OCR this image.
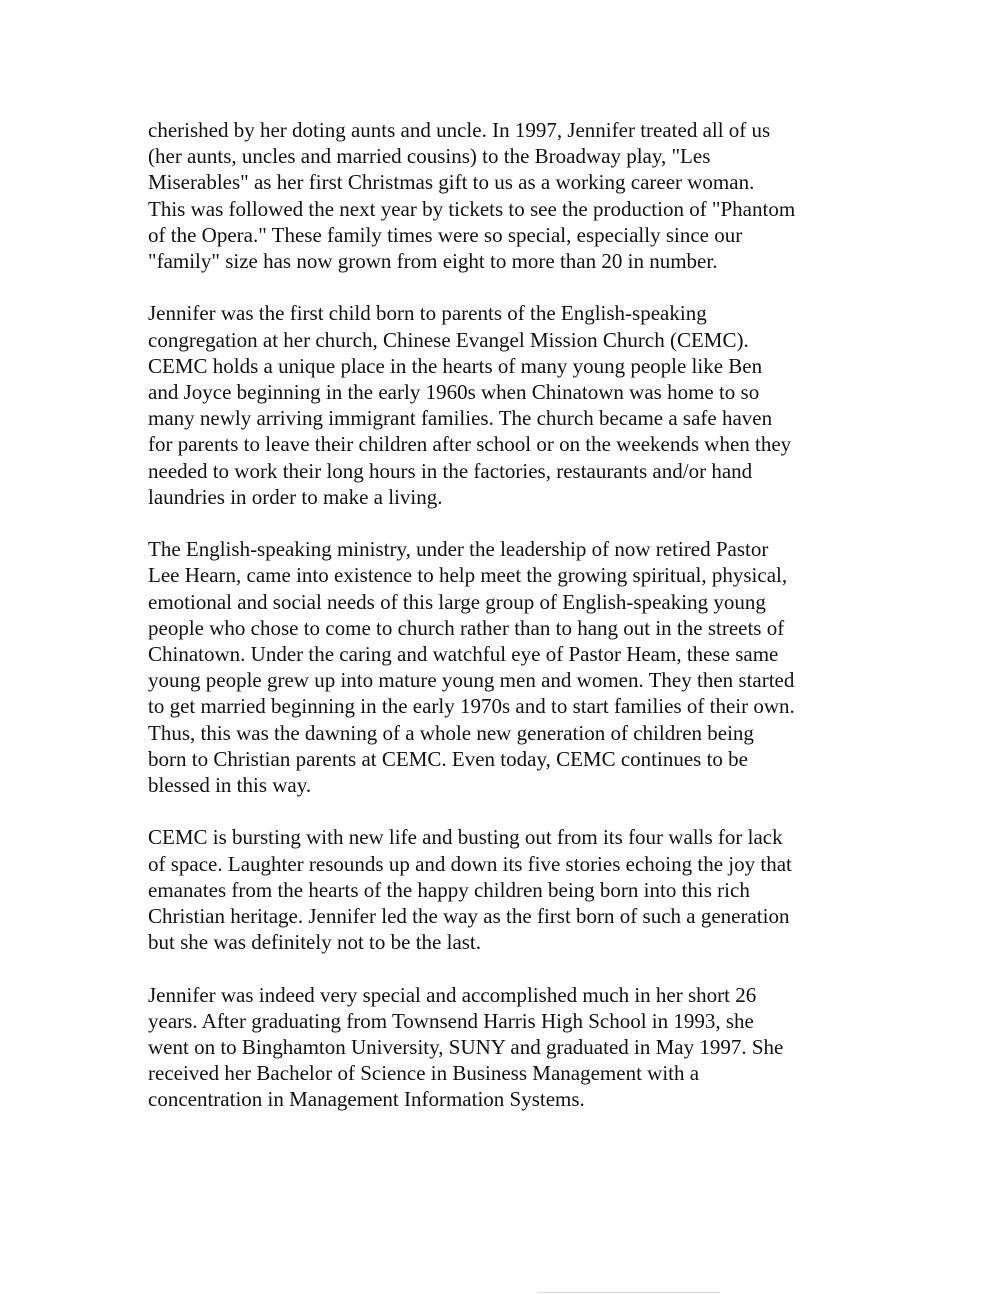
cherished by her doting aunts and uncle. In 1997, Jennifer treated all of us
(her aunts, uncles and married cousins) to the Broadway play, "Les
Miserables" as her first Christmas gift to us as a working career woman.
This was followed the next year by tickets to see the production of "Phantom
of the Opera." These family times were so special, especially since our
"family" size has now grown from eight to more than 20 in number.

Jennifer was the first child born to parents of the English-speaking
congregation at her church, Chinese Evangel Mission Church (CEMC).
CEMC holds a unique place in the hearts of many young people like Ben
and Joyce beginning in the early 1960s when Chinatown was home to so
many newly arriving immigrant families. The church became a safe haven
for parents to leave their children after school or on the weekends when they
needed to work their long hours in the factories, restaurants and/or hand
laundries in order to make a living.

The English-speaking ministry, under the leadership of now retired Pastor
Lee Hearn, came into existence to help meet the growing spiritual, physical,
emotional and social needs of this large group of English-speaking young
people who chose to come to church rather than to hang out in the streets of
Chinatown. Under the caring and watchful eye of Pastor Heam, these same
young people grew up into mature young men and women. They then started
to get married beginning in the early 1970s and to start families of their own.
Thus, this was the dawning of a whole new generation of children being
born to Christian parents at CEMC. Even today, CEMC continues to be
blessed in this way.

CEMC is bursting with new life and busting out from its four walls for lack
of space. Laughter resounds up and down its five stories echoing the joy that
emanates from the hearts of the happy children being born into this rich
Christian heritage. Jennifer led the way as the first born of such a generation
but she was definitely not to be the last.

Jennifer was indeed very special and accomplished much in her short 26
years. After graduating from Townsend Harris High School in 1993, she
went on to Binghamton University, SUNY and graduated in May 1997. She
received her Bachelor of Science in Business Management with a
concentration in Management Information Systems.
